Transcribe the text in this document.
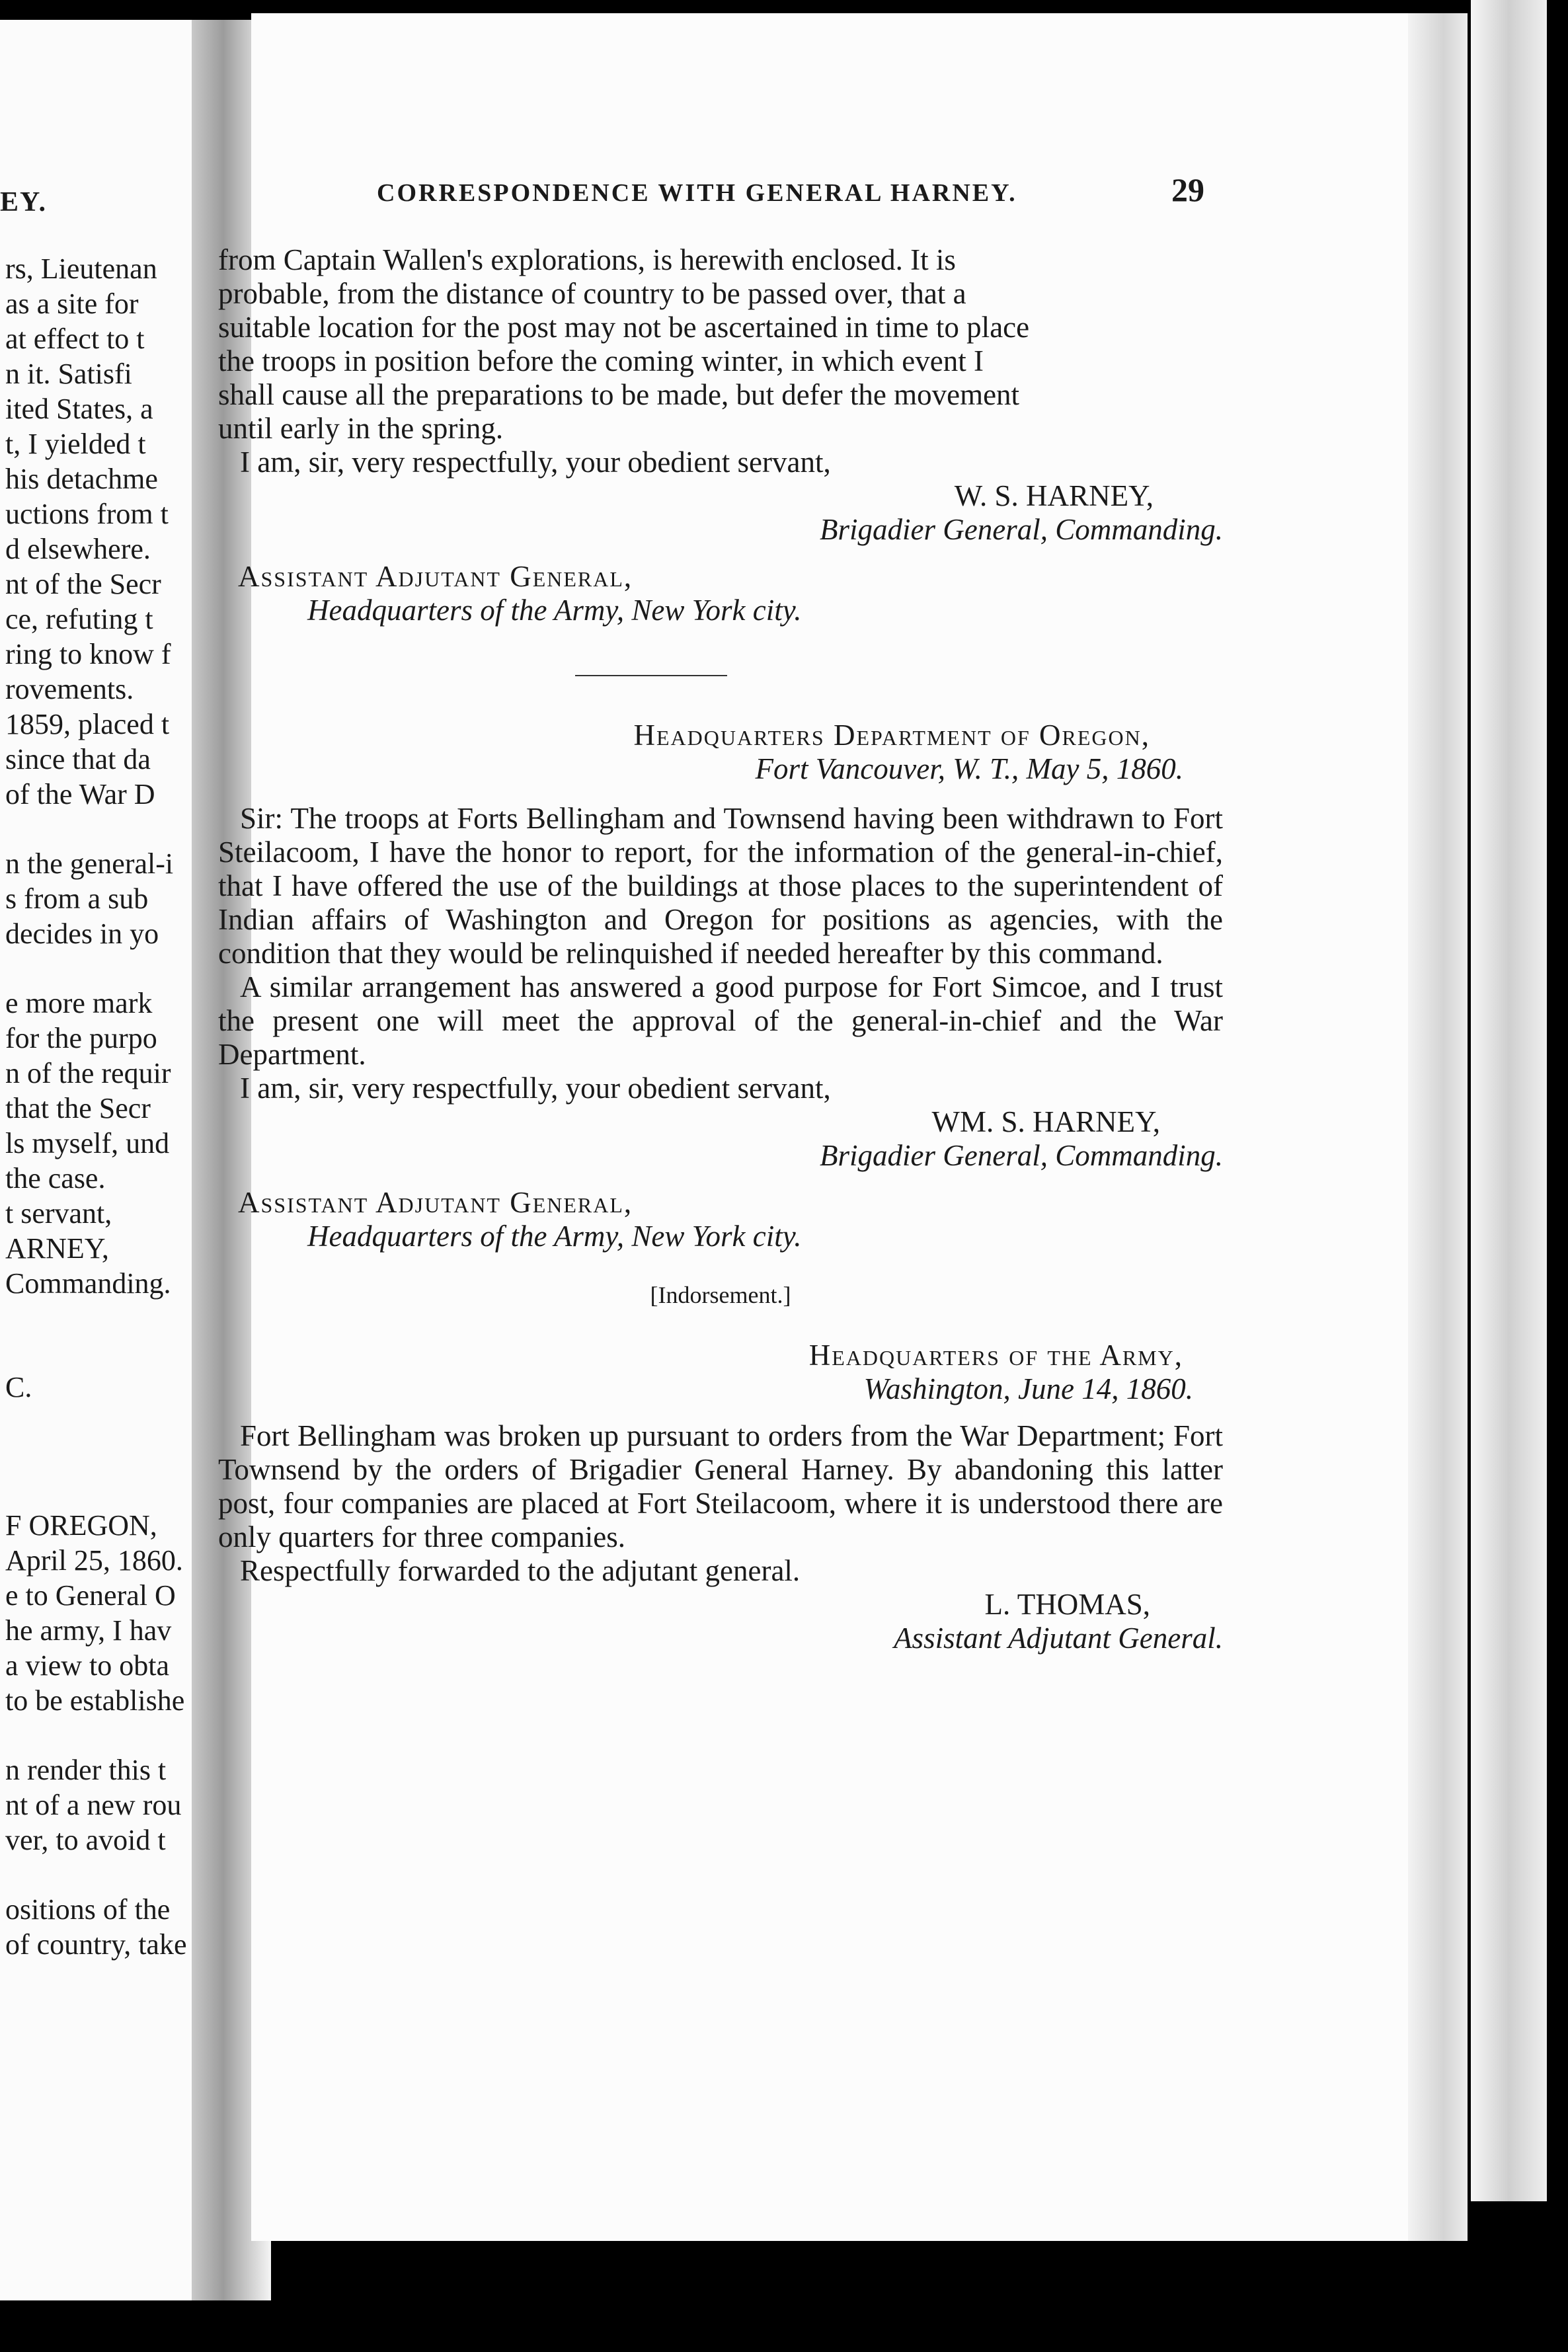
EY.
rs, Lieutenan
as a site for
at effect to t
n it. Satisfi
ited States, a
t, I yielded t
his detachme
uctions from t
d elsewhere.
nt of the Secr
ce, refuting t
ring to know f
rovements.
1859, placed t
since that da
of the War D
n the general-i
s from a sub
decides in yo
e more mark
for the purpo
n of the requir
that the Secr
ls myself, und
the case.
t servant,
ARNEY,
Commanding.
C.
F OREGON,
April 25, 1860.
e to General O
he army, I hav
a view to obta
to be establishe
n render this t
nt of a new rou
ver, to avoid t
ositions of the
of country, take
CORRESPONDENCE WITH GENERAL HARNEY.	29
from Captain Wallen's explorations, is herewith enclosed. It is
probable, from the distance of country to be passed over, that a
suitable location for the post may not be ascertained in time to place
the troops in position before the coming winter, in which event I
shall cause all the preparations to be made, but defer the movement
until early in the spring.
I am, sir, very respectfully, your obedient servant,
W. S. HARNEY,
Brigadier General, Commanding.
Assistant Adjutant General,
Headquarters of the Army, New York city.
Headquarters Department of Oregon,
Fort Vancouver, W. T., May 5, 1860.
Sir: The troops at Forts Bellingham and Townsend having been withdrawn to Fort Steilacoom, I have the honor to report, for the information of the general-in-chief, that I have offered the use of the buildings at those places to the superintendent of Indian affairs of Washington and Oregon for positions as agencies, with the condition that they would be relinquished if needed hereafter by this command.
A similar arrangement has answered a good purpose for Fort Simcoe, and I trust the present one will meet the approval of the general-in-chief and the War Department.
I am, sir, very respectfully, your obedient servant,
WM. S. HARNEY,
Brigadier General, Commanding.
Assistant Adjutant General,
Headquarters of the Army, New York city.
[Indorsement.]
Headquarters of the Army,
Washington, June 14, 1860.
Fort Bellingham was broken up pursuant to orders from the War Department; Fort Townsend by the orders of Brigadier General Harney. By abandoning this latter post, four companies are placed at Fort Steilacoom, where it is understood there are only quarters for three companies.
Respectfully forwarded to the adjutant general.
L. THOMAS,
Assistant Adjutant General.
